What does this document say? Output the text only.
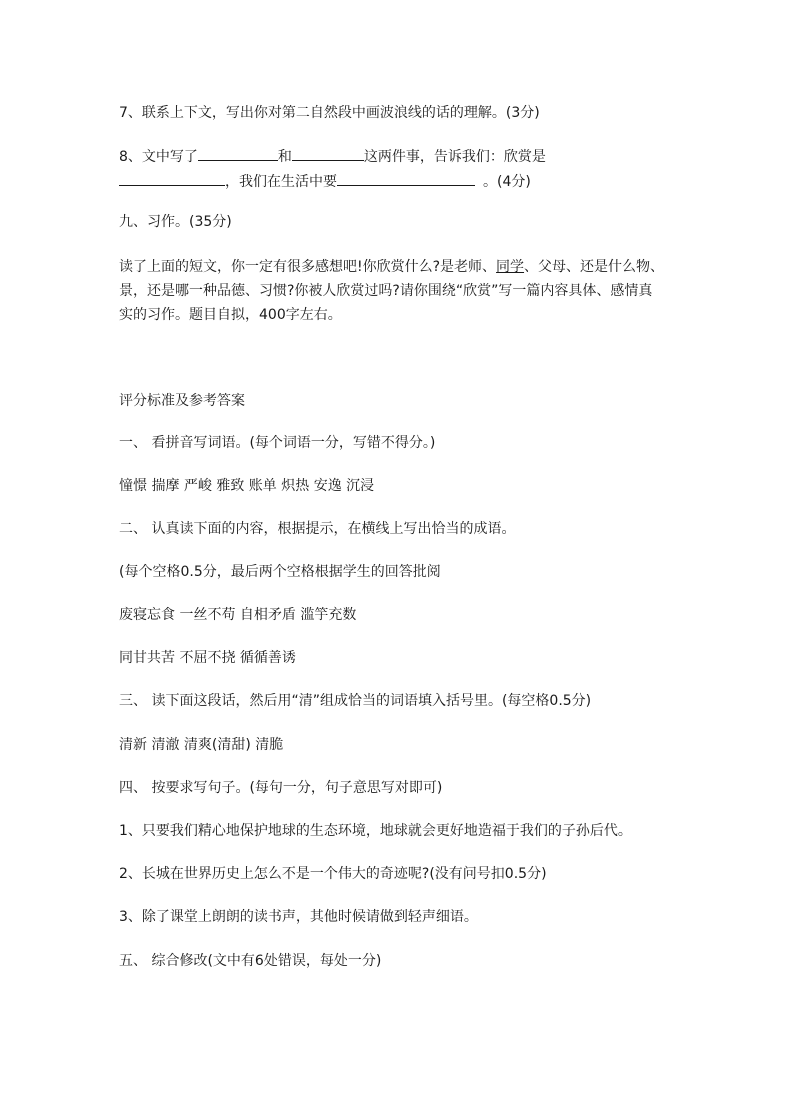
7、联系上下文，写出你对第二自然段中画波浪线的话的理解。(3分)
8、文中写了	和	这两件事，告诉我们：欣赏是
，我们在生活中要	。(4分)
九、习作。(35分)
读了上面的短文，你一定有很多感想吧!你欣赏什么?是老师、同学、父母、还是什么物、
景，还是哪一种品德、习惯?你被人欣赏过吗?请你围绕“欣赏”写一篇内容具体、感情真
实的习作。题目自拟，400字左右。
评分标准及参考答案
一、 看拼音写词语。(每个词语一分，写错不得分。)
憧憬 揣摩 严峻 雅致 账单 炽热 安逸 沉浸
二、 认真读下面的内容，根据提示，在横线上写出恰当的成语。
(每个空格0.5分，最后两个空格根据学生的回答批阅
废寝忘食 一丝不苟 自相矛盾 滥竽充数
同甘共苦 不屈不挠 循循善诱
三、 读下面这段话，然后用“清”组成恰当的词语填入括号里。(每空格0.5分)
清新 清澈 清爽(清甜) 清脆
四、 按要求写句子。(每句一分，句子意思写对即可)
1、只要我们精心地保护地球的生态环境，地球就会更好地造福于我们的子孙后代。
2、长城在世界历史上怎么不是一个伟大的奇迹呢?(没有问号扣0.5分)
3、除了课堂上朗朗的读书声，其他时候请做到轻声细语。
五、 综合修改(文中有6处错误，每处一分)
